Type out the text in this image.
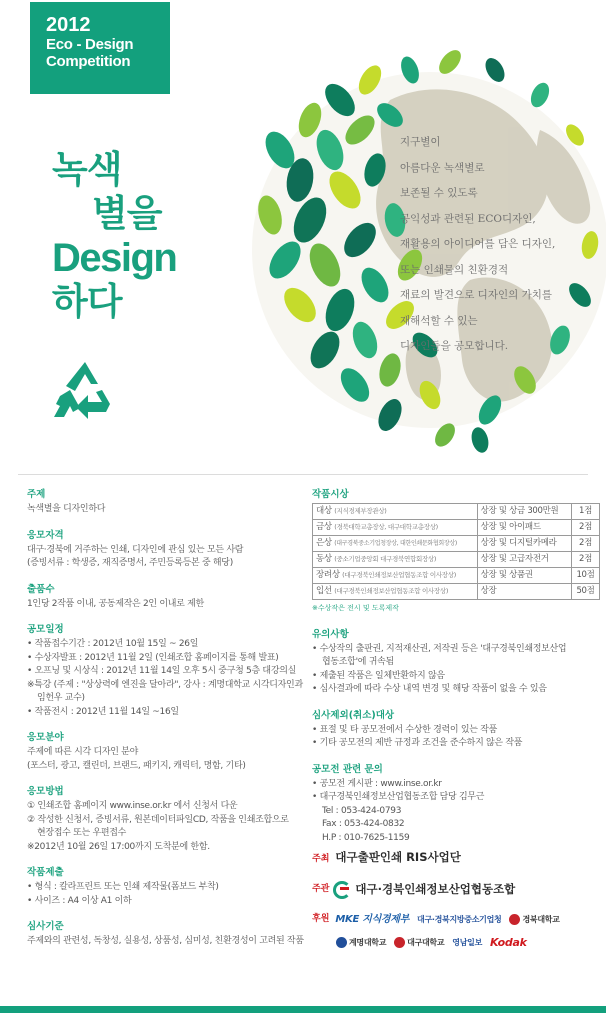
2012
Eco - Design
Competition
녹색
별을
Design
하다
지구별이
아름다운 녹색별로
보존될 수 있도록
공익성과 관련된 ECO디자인,
재활용의 아이디어를 담은 디자인,
또는 인쇄물의 친환경적
재료의 발견으로 디자인의 가치를
재해석할 수 있는
디자인들을 공모합니다.
주제

녹색별을 디자인하다

응모자격

대구·경북에 거주하는 인쇄, 디자인에 관심 있는 모든 사람

(증빙서류 : 학생증, 재직증명서, 주민등록등본 중 해당)

출품수

1인당 2작품 이내, 공동제작은 2인 이내로 제한

공모일정

• 작품접수기간 : 2012년 10월 15일 ~ 26일

• 수상자발표 : 2012년 11월 2일 (인쇄조합 홈페이지를 통해 발표)

• 오프닝 및 시상식 : 2012년 11월 14일 오후 5시 중구청 5층 대강의실

※특강 (주제 : "상상력에 엔진을 달아라", 강사 : 계명대학교 시각디자인과

임헌우 교수)

• 작품전시 : 2012년 11월 14일 ~16일

응모분야

주제에 따른 시각 디자인 분야

(포스터, 광고, 캘린더, 브랜드, 패키지, 캐릭터, 명함, 기타)

응모방법

① 인쇄조합 홈페이지 www.inse.or.kr 에서 신청서 다운

② 작성한 신청서, 증빙서류, 원본데이터파일CD, 작품을 인쇄조합으로

현장접수 또는 우편접수

※2012년 10월 26일 17:00까지 도착분에 한함.

작품제출

• 형식 : 칼라프린트 또는 인쇄 제작물(폼보드 부착)

• 사이즈 : A4 이상 A1 이하

심사기준

주제와의 관련성, 독창성, 실용성, 상품성, 심미성, 친환경성이 고려된 작품

작품시상
대상 (지식경제부장관상)	상장 및 상금 300만원	1점
금상 (경북대학교총장상, 대구대학교총장상)	상장 및 아이패드	2점
은상 (대구경북중소기업청장상, 대한인쇄문화협회장상)	상장 및 디지털카메라	2점
동상 (중소기업중앙회 대구경북연합회장상)	상장 및 고급자전거	2점
장려상 (대구경북인쇄정보산업협동조합 이사장상)	상장 및 상품권	10점
입선 (대구경북인쇄정보산업협동조합 이사장상)	상장	50점
※수상작은 전시 및 도록제작
유의사항

• 수상작의 출판권, 지적재산권, 저작권 등은 '대구경북인쇄정보산업

협동조합'에 귀속됨

• 제출된 작품은 일체반환하지 않음

• 심사결과에 따라 수상 내역 변경 및 해당 작품이 없을 수 있음

심사제외(취소)대상

• 표절 및 타 공모전에서 수상한 경력이 있는 작품

• 기타 공모전의 제반 규정과 조건을 준수하지 않은 작품

공모전 관련 문의

• 공모전 게시판 : www.inse.or.kr

• 대구경북인쇄정보산업협동조합 담당 김무근

Tel : 053-424-0793

Fax : 053-424-0832

H.P : 010-7625-1159

주최 대구출판인쇄 RIS사업단
주관 대구·경북인쇄정보산업협동조합
후원 MKE 지식경제부 대구·경북지방중소기업청	경북대학교
계명대학교	대구대학교 영남일보 Kodak
